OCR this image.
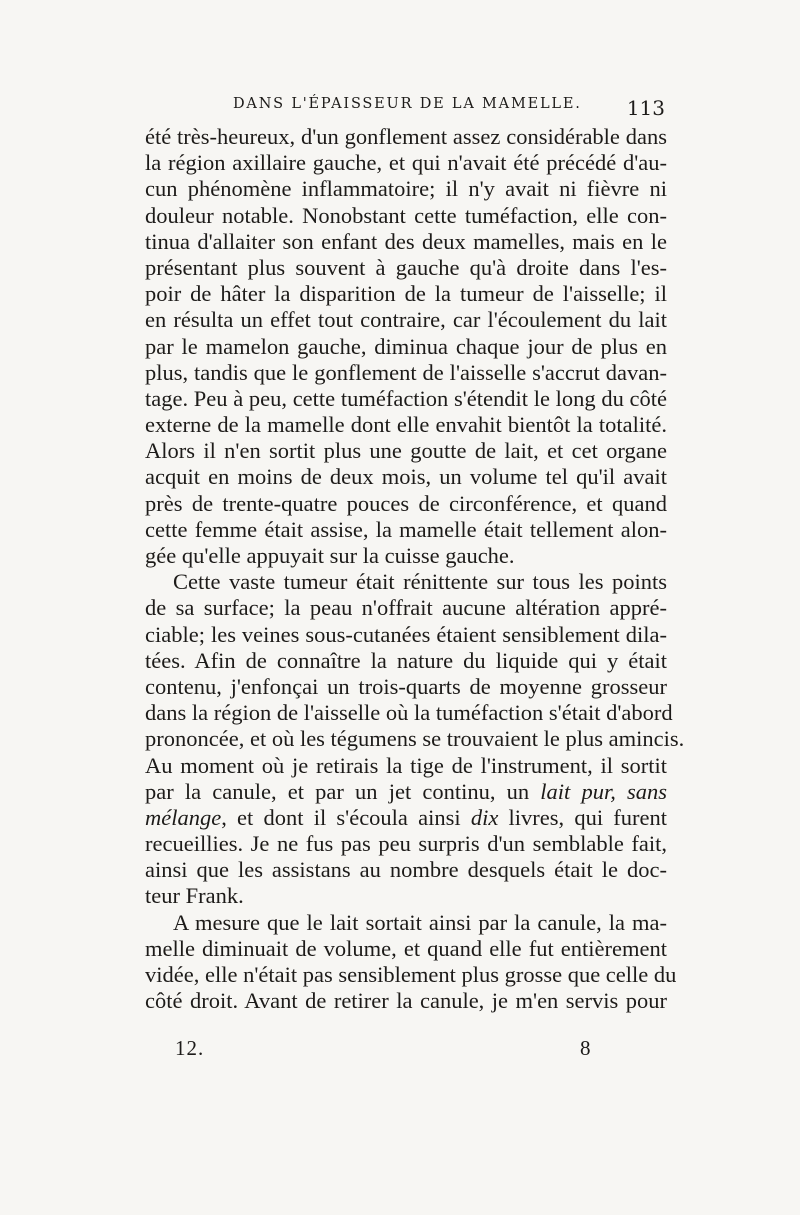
DANS L'ÉPAISSEUR DE LA MAMELLE. 113
été très-heureux, d'un gonflement assez considérable dans
la région axillaire gauche, et qui n'avait été précédé d'au-
cun phénomène inflammatoire; il n'y avait ni fièvre ni
douleur notable. Nonobstant cette tuméfaction, elle con-
tinua d'allaiter son enfant des deux mamelles, mais en le
présentant plus souvent à gauche qu'à droite dans l'es-
poir de hâter la disparition de la tumeur de l'aisselle; il
en résulta un effet tout contraire, car l'écoulement du lait
par le mamelon gauche, diminua chaque jour de plus en
plus, tandis que le gonflement de l'aisselle s'accrut davan-
tage. Peu à peu, cette tuméfaction s'étendit le long du côté
externe de la mamelle dont elle envahit bientôt la totalité.
Alors il n'en sortit plus une goutte de lait, et cet organe
acquit en moins de deux mois, un volume tel qu'il avait
près de trente-quatre pouces de circonférence, et quand
cette femme était assise, la mamelle était tellement alon-
gée qu'elle appuyait sur la cuisse gauche.
Cette vaste tumeur était rénittente sur tous les points
de sa surface; la peau n'offrait aucune altération appré-
ciable; les veines sous-cutanées étaient sensiblement dila-
tées. Afin de connaître la nature du liquide qui y était
contenu, j'enfonçai un trois-quarts de moyenne grosseur
dans la région de l'aisselle où la tuméfaction s'était d'abord
prononcée, et où les tégumens se trouvaient le plus amincis.
Au moment où je retirais la tige de l'instrument, il sortit
par la canule, et par un jet continu, un lait pur, sans
mélange, et dont il s'écoula ainsi dix livres, qui furent
recueillies. Je ne fus pas peu surpris d'un semblable fait,
ainsi que les assistans au nombre desquels était le doc-
teur Frank.
A mesure que le lait sortait ainsi par la canule, la ma-
melle diminuait de volume, et quand elle fut entièrement
vidée, elle n'était pas sensiblement plus grosse que celle du
côté droit. Avant de retirer la canule, je m'en servis pour
12.	8
